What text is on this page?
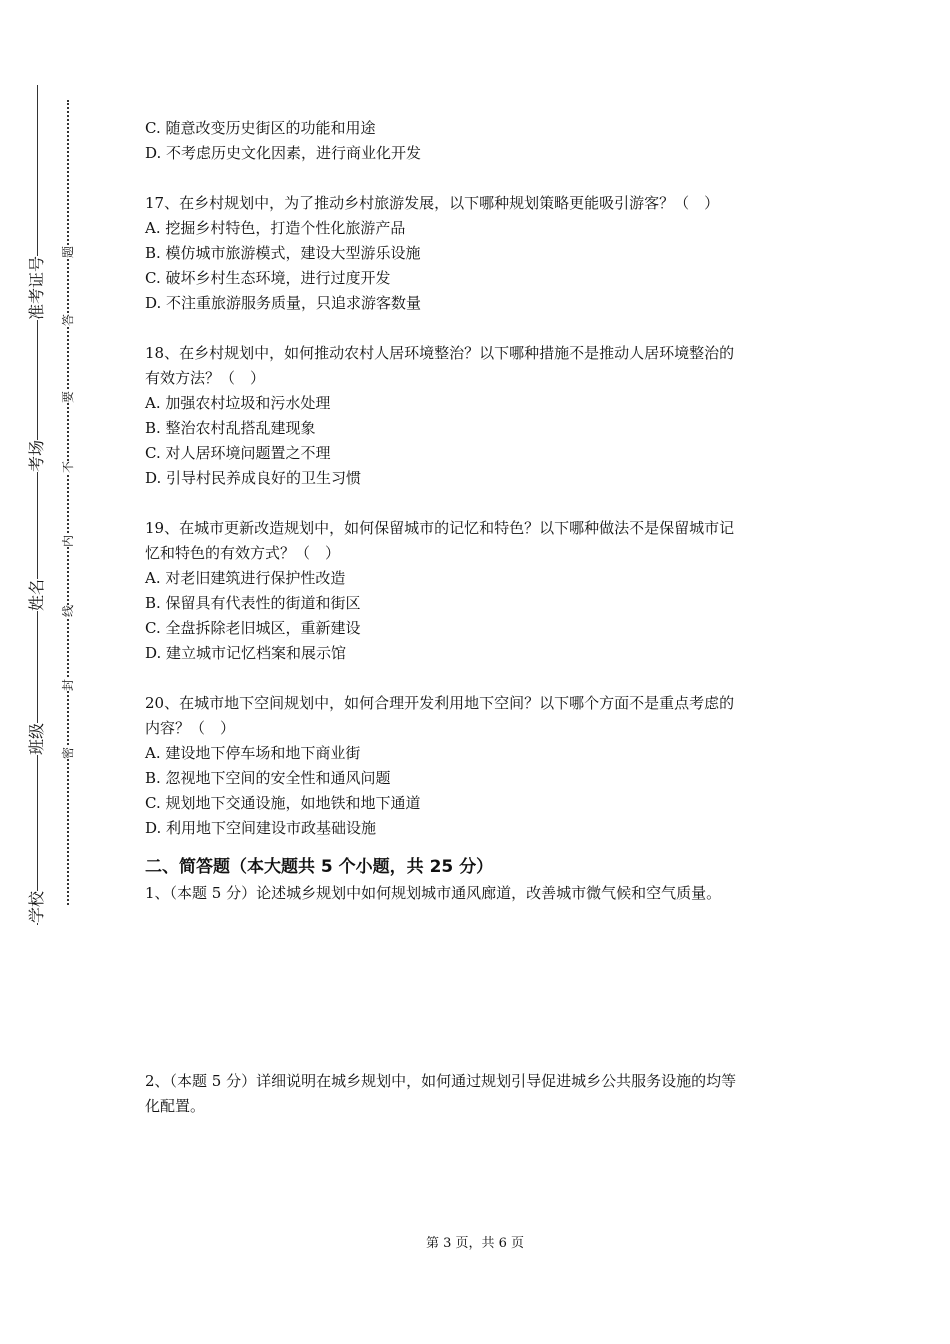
准考证号
考场
姓名
班级
学校
题
答
要
不
内
线
封
密

C. 随意改变历史街区的功能和用途

D. 不考虑历史文化因素，进行商业化开发

17、在乡村规划中，为了推动乡村旅游发展，以下哪种规划策略更能吸引游客？（　）

A. 挖掘乡村特色，打造个性化旅游产品

B. 模仿城市旅游模式，建设大型游乐设施

C. 破坏乡村生态环境，进行过度开发

D. 不注重旅游服务质量，只追求游客数量

18、在乡村规划中，如何推动农村人居环境整治？以下哪种措施不是推动人居环境整治的

有效方法？（　）

A. 加强农村垃圾和污水处理

B. 整治农村乱搭乱建现象

C. 对人居环境问题置之不理

D. 引导村民养成良好的卫生习惯

19、在城市更新改造规划中，如何保留城市的记忆和特色？以下哪种做法不是保留城市记

忆和特色的有效方式？（　）

A. 对老旧建筑进行保护性改造

B. 保留具有代表性的街道和街区

C. 全盘拆除老旧城区，重新建设

D. 建立城市记忆档案和展示馆

20、在城市地下空间规划中，如何合理开发利用地下空间？以下哪个方面不是重点考虑的

内容？（　）

A. 建设地下停车场和地下商业街

B. 忽视地下空间的安全性和通风问题

C. 规划地下交通设施，如地铁和地下通道

D. 利用地下空间建设市政基础设施

二、简答题（本大题共 5 个小题，共 25 分）

1、（本题 5 分）论述城乡规划中如何规划城市通风廊道，改善城市微气候和空气质量。

2、（本题 5 分）详细说明在城乡规划中，如何通过规划引导促进城乡公共服务设施的均等

化配置。

第 3 页，共 6 页
